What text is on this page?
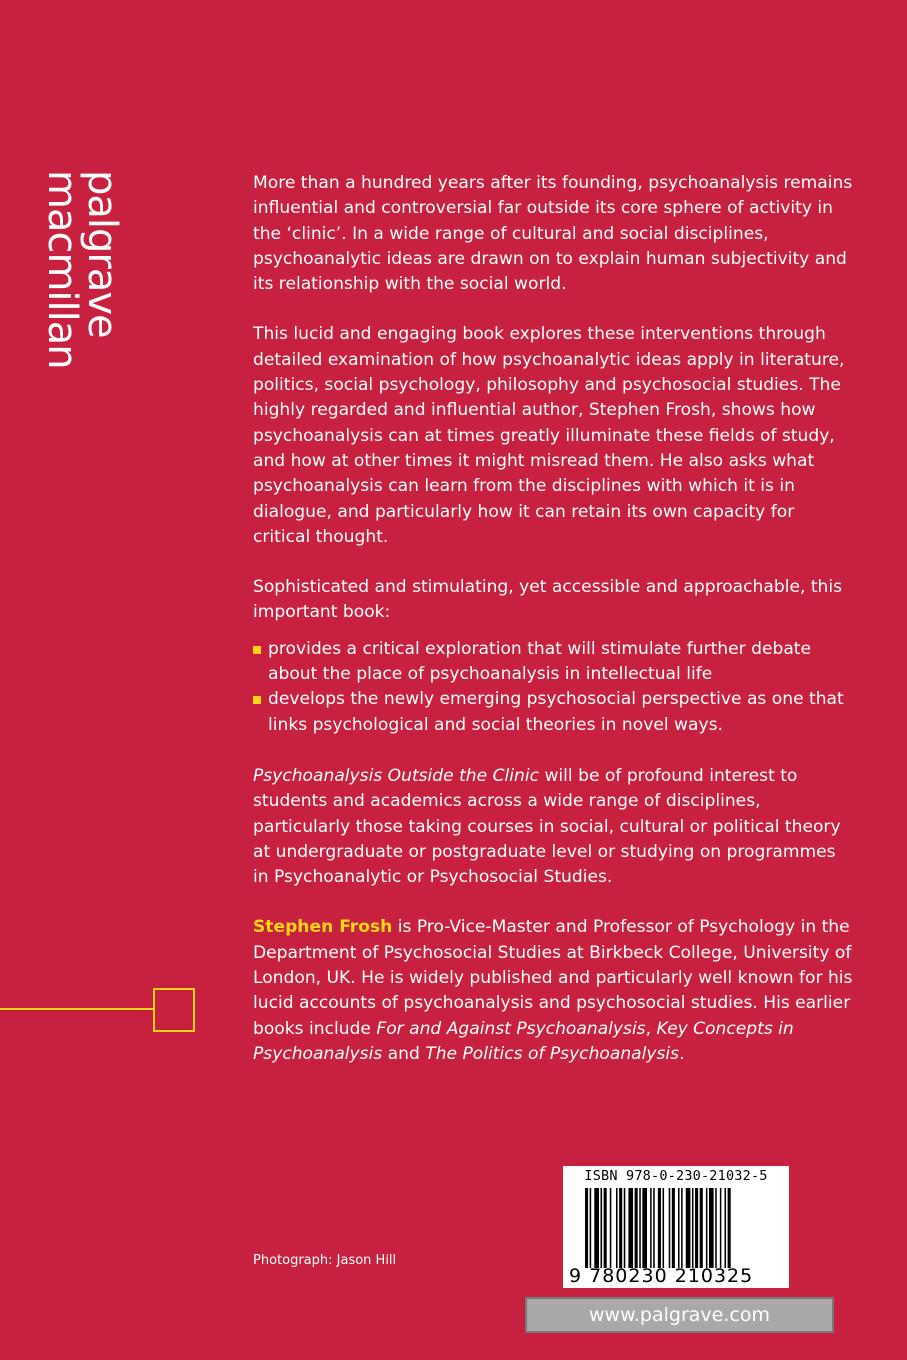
palgrave
macmillan	More than a hundred years after its founding, psychoanalysis remains influential and controversial far outside its core sphere of activity in the ‘clinic’. In a wide range of cultural and social disciplines, psychoanalytic ideas are drawn on to explain human subjectivity and its relationship with the social world.

This lucid and engaging book explores these interventions through detailed examination of how psychoanalytic ideas apply in literature, politics, social psychology, philosophy and psychosocial studies. The highly regarded and influential author, Stephen Frosh, shows how psychoanalysis can at times greatly illuminate these fields of study, and how at other times it might misread them. He also asks what psychoanalysis can learn from the disciplines with which it is in dialogue, and particularly how it can retain its own capacity for critical thought.

Sophisticated and stimulating, yet accessible and approachable, this important book:

provides a critical exploration that will stimulate further debate about the place of psychoanalysis in intellectual life
develops the newly emerging psychosocial perspective as one that links psychological and social theories in novel ways.

Psychoanalysis Outside the Clinic will be of profound interest to students and academics across a wide range of disciplines, particularly those taking courses in social, cultural or political theory at undergraduate or postgraduate level or studying on programmes in Psychoanalytic or Psychosocial Studies.

Stephen Frosh is Pro-Vice-Master and Professor of Psychology in the Department of Psychosocial Studies at Birkbeck College, University of London, UK. He is widely published and particularly well known for his lucid accounts of psychoanalysis and psychosocial studies. His earlier books include For and Against Psychoanalysis, Key Concepts in Psychoanalysis and The Politics of Psychoanalysis.

Photograph: Jason Hill
ISBN 978-0-230-21032-5
9 780230 210325
www.palgrave.com
